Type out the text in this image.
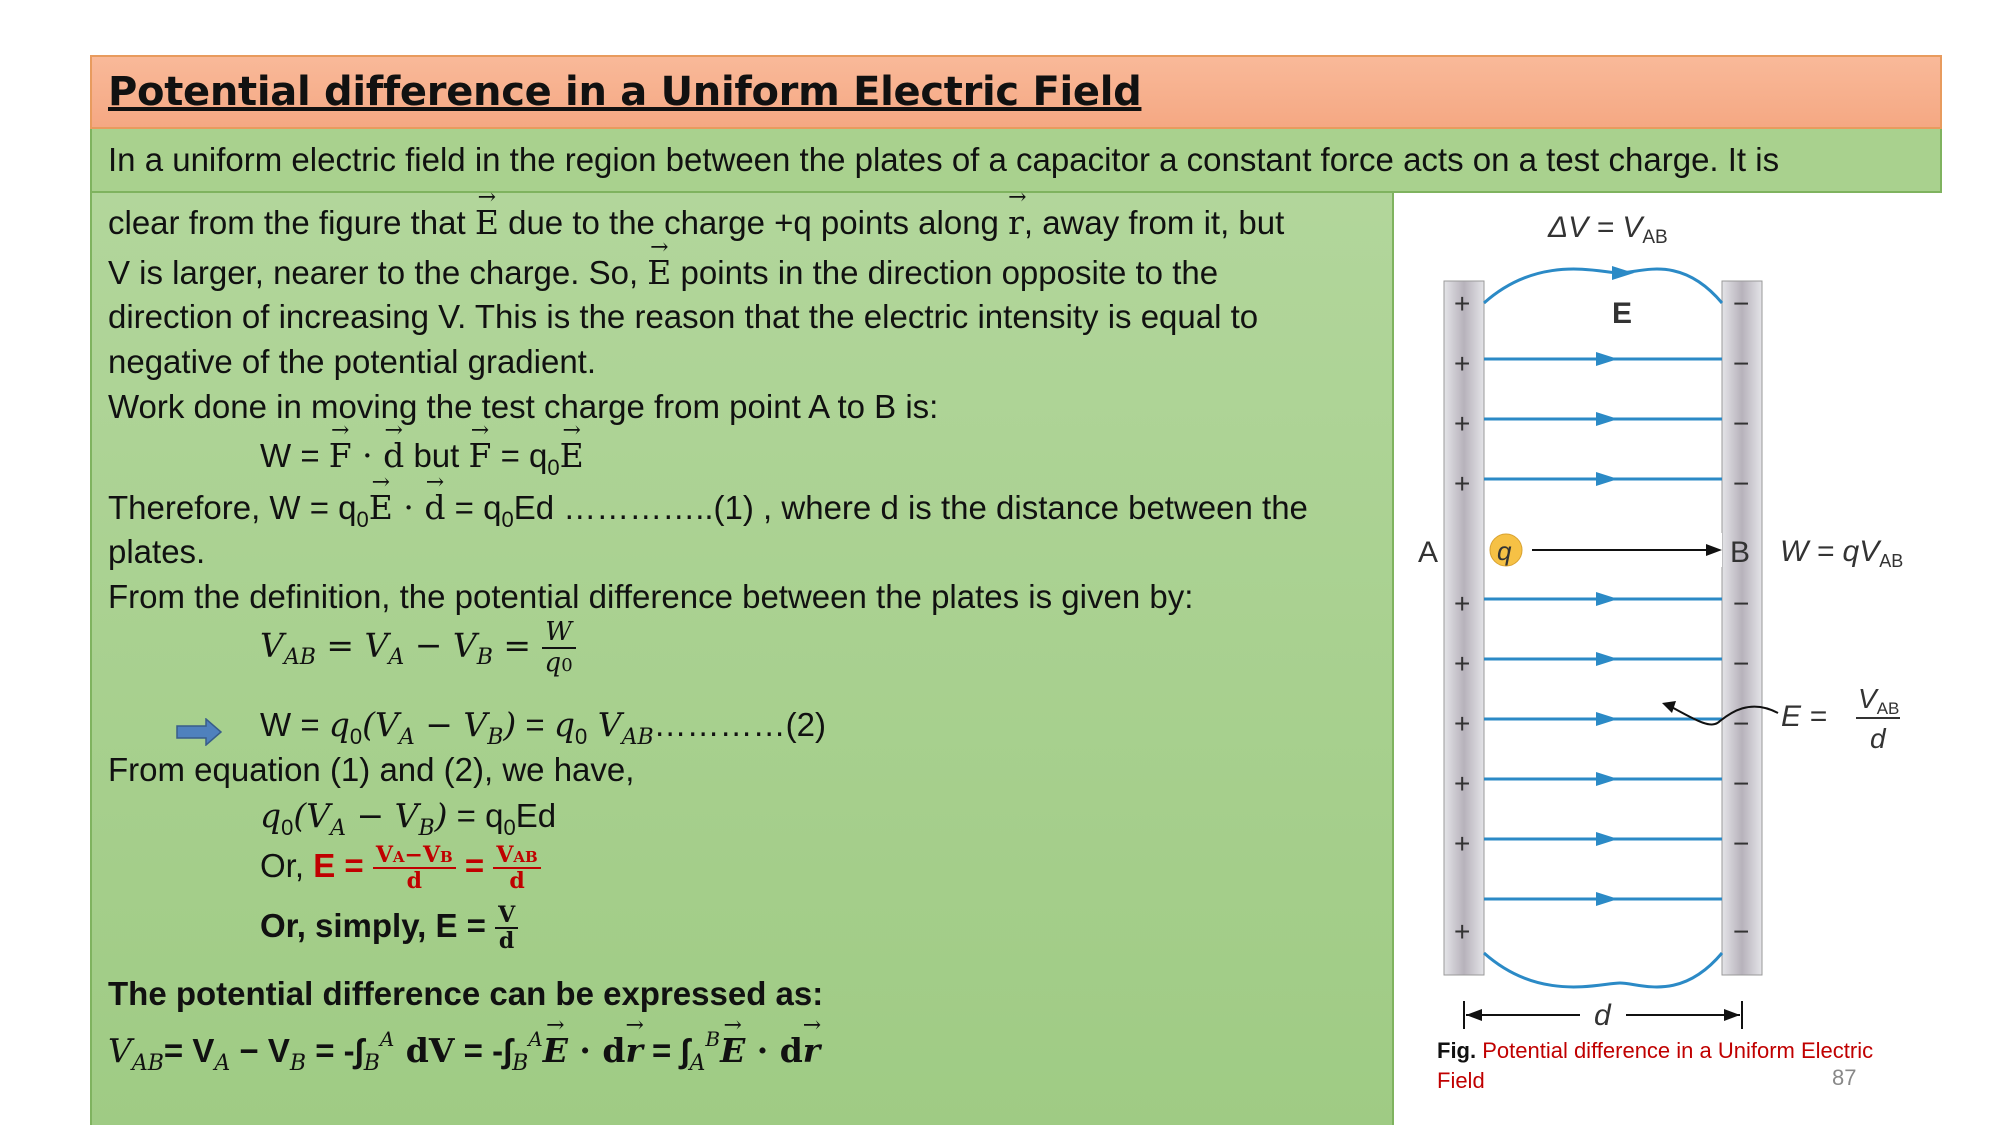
Potential difference in a Uniform Electric Field

In a uniform electric field in the region between the plates of a capacitor a constant force acts on a test charge. It is

clear from the figure that → E due to the charge +q points along → r, away from it, but
V is larger, nearer to the charge. So, → E points in the direction opposite to the
direction of increasing V. This is the reason that the electric intensity is equal to
negative of the potential gradient.
Work done in moving the test charge from point A to B is:
W = → F · → d but → $F = q_0\to E$
Therefore, $W = q_0\to E$ · → $d = q_0Ed$ …………..(1) , where d is the distance between the
plates.
From the definition, the potential difference between the plates is given by:
$V_{AB} = V_A - V_B = \frac{W}{q0}$
$W = q_0(V_A - V_B) = q_0$ $V_{AB}\dots\dots\dots\dots(2)$
From equation (1) and (2), we have,
$q_0(V_A - V_B) = q_0Ed$
Or, $E = \frac{VA-VB}{d} = \frac{\text{VAB}}{d}$
Or, simply, $E = \frac{V}{d}$
The potential difference can be expressed as:
$V_{AB}= V_A - V_B = -\int_B^A$ dV = $-\int_B^A\to E \cdot d\to r = \int_A^B\to E \cdot d\to r$
$\Delta V = V_{AB}$
E
+	−
+	−
+	−
+	−
+	−
+	−
+	−
+	−
+	−
+	−
A	B
q	$W = qV_{AB}$
E =
$V_{AB}$
d
d
Fig. Potential difference in a Uniform Electric Field	87
